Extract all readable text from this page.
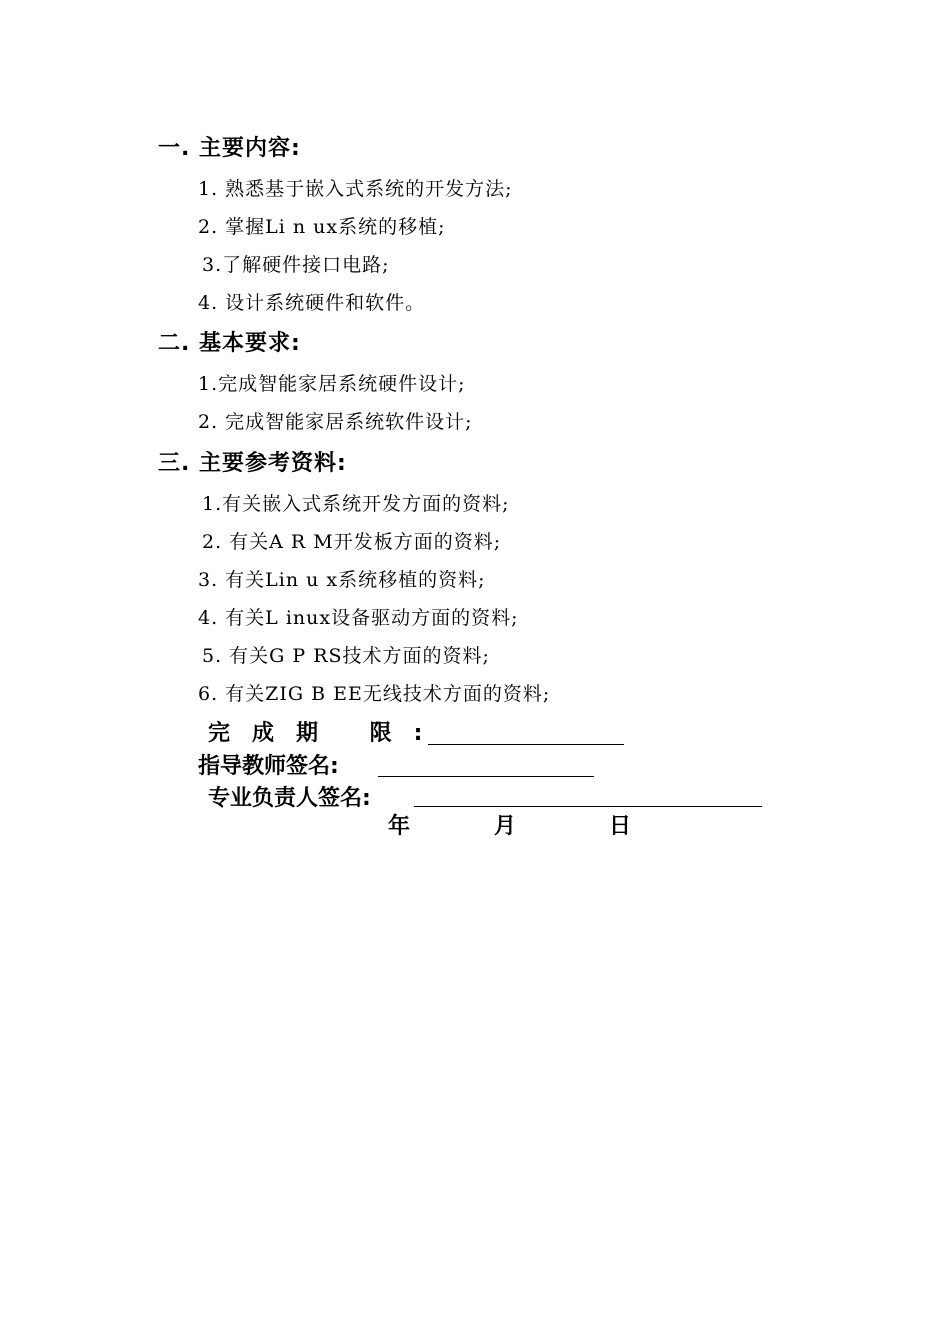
一. 主要内容:
1. 熟悉基于嵌入式系统的开发方法;
2. 掌握Li n ux系统的移植;
3.了解硬件接口电路;
4. 设计系统硬件和软件。
二. 基本要求:
1.完成智能家居系统硬件设计;
2. 完成智能家居系统软件设计;
三. 主要参考资料:
1.有关嵌入式系统开发方面的资料;
2. 有关A R M开发板方面的资料;
3. 有关Lin u x系统移植的资料;
4. 有关L inux设备驱动方面的资料;
5. 有关G P RS技术方面的资料;
6. 有关ZIG B EE无线技术方面的资料;
完成期 限:
指导教师签名:
专业负责人签名:
年	月	日
